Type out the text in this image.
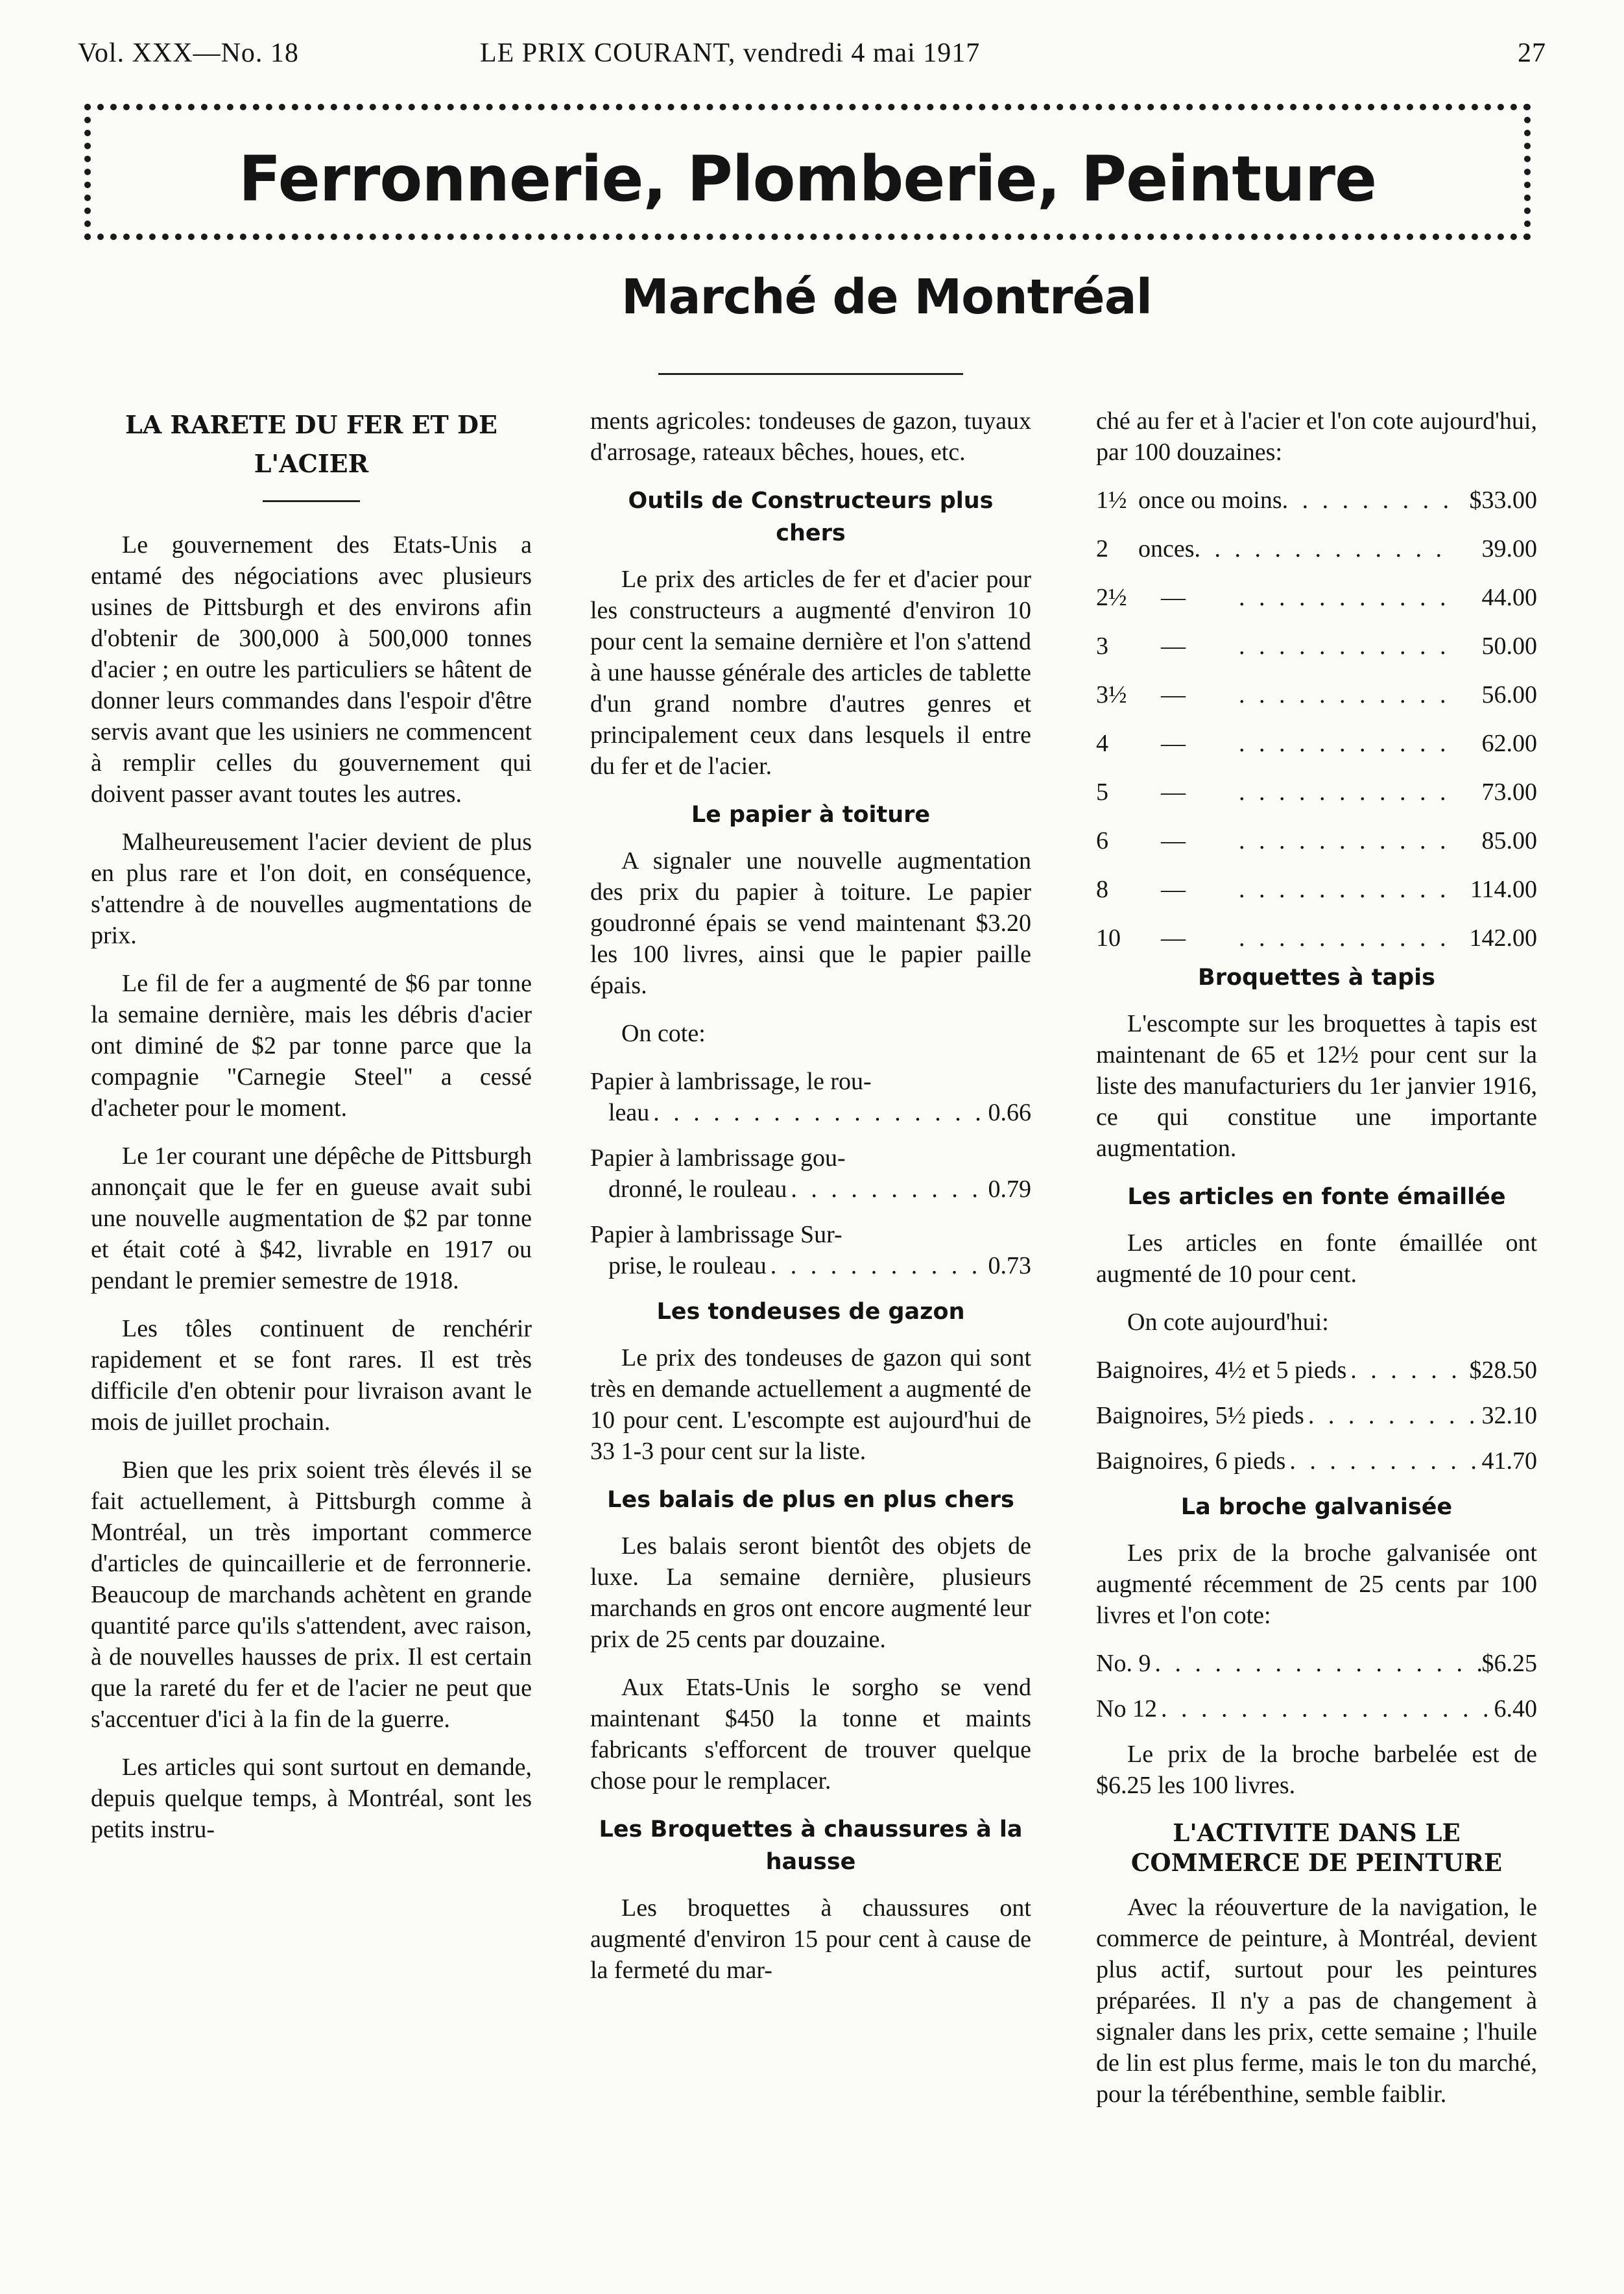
Vol. XXX—No. 18	LE PRIX COURANT, vendredi 4 mai 1917	27
Ferronnerie, Plomberie, Peinture
Marché de Montréal
LA RARETE DU FER ET DE L'ACIER

Le gouvernement des Etats-Unis a entamé des négociations avec plusieurs usines de Pittsburgh et des environs afin d'obtenir de 300,000 à 500,000 tonnes d'acier ; en outre les particuliers se hâtent de donner leurs commandes dans l'espoir d'être servis avant que les usiniers ne commencent à remplir celles du gouvernement qui doivent passer avant toutes les autres.

Malheureusement l'acier devient de plus en plus rare et l'on doit, en conséquence, s'attendre à de nouvelles augmentations de prix.

Le fil de fer a augmenté de $6 par tonne la semaine dernière, mais les débris d'acier ont diminé de $2 par tonne parce que la compagnie "Carnegie Steel" a cessé d'acheter pour le moment.

Le 1er courant une dépêche de Pittsburgh annonçait que le fer en gueuse avait subi une nouvelle augmentation de $2 par tonne et était coté à $42, livrable en 1917 ou pendant le premier semestre de 1918.

Les tôles continuent de renchérir rapidement et se font rares. Il est très difficile d'en obtenir pour livraison avant le mois de juillet prochain.

Bien que les prix soient très élevés il se fait actuellement, à Pittsburgh comme à Montréal, un très important commerce d'articles de quincaillerie et de ferronnerie. Beaucoup de marchands achètent en grande quantité parce qu'ils s'attendent, avec raison, à de nouvelles hausses de prix. Il est certain que la rareté du fer et de l'acier ne peut que s'accentuer d'ici à la fin de la guerre.

Les articles qui sont surtout en demande, depuis quelque temps, à Montréal, sont les petits instru-

ments agricoles: tondeuses de gazon, tuyaux d'arrosage, rateaux bêches, houes, etc.

Outils de Constructeurs plus chers

Le prix des articles de fer et d'acier pour les constructeurs a augmenté d'environ 10 pour cent la semaine dernière et l'on s'attend à une hausse générale des articles de tablette d'un grand nombre d'autres genres et principalement ceux dans lesquels il entre du fer et de l'acier.

Le papier à toiture

A signaler une nouvelle augmentation des prix du papier à toiture. Le papier goudronné épais se vend maintenant $3.20 les 100 livres, ainsi que le papier paille épais.

On cote:

Papier à lambrissage, le rou-
leau . . .	0.66
Papier à lambrissage gou-
dronné, le rouleau . . .	0.79
Papier à lambrissage Sur-
prise, le rouleau . . .	0.73
Les tondeuses de gazon

Le prix des tondeuses de gazon qui sont très en demande actuellement a augmenté de 10 pour cent. L'escompte est aujourd'hui de 33 1-3 pour cent sur la liste.

Les balais de plus en plus chers

Les balais seront bientôt des objets de luxe. La semaine dernière, plusieurs marchands en gros ont encore augmenté leur prix de 25 cents par douzaine.

Aux Etats-Unis le sorgho se vend maintenant $450 la tonne et maints fabricants s'efforcent de trouver quelque chose pour le remplacer.

Les Broquettes à chaussures à la hausse

Les broquettes à chaussures ont augmenté d'environ 15 pour cent à cause de la fermeté du mar-

ché au fer et à l'acier et l'on cote aujourd'hui, par 100 douzaines:

1½ once ou moins . . .	$33.00
2	onces . . .	39.00
2½	— . . .	44.00
3	— . . .	50.00
3½	— . . .	56.00
4	— . . .	62.00
5	— . . .	73.00
6	— . . .	85.00
8	— . . .	114.00
10	— . . .	142.00
Broquettes à tapis

L'escompte sur les broquettes à tapis est maintenant de 65 et 12½ pour cent sur la liste des manufacturiers du 1er janvier 1916, ce qui constitue une importante augmentation.

Les articles en fonte émaillée

Les articles en fonte émaillée ont augmenté de 10 pour cent.

On cote aujourd'hui:

Baignoires, 4½ et 5 pieds . . .	$28.50
Baignoires, 5½ pieds . . .	32.10
Baignoires, 6 pieds . . .	41.70
La broche galvanisée

Les prix de la broche galvanisée ont augmenté récemment de 25 cents par 100 livres et l'on cote:

No. 9 . . .	$6.25
No 12 . . .	6.40

Le prix de la broche barbelée est de $6.25 les 100 livres.

L'ACTIVITE DANS LE COMMERCE DE PEINTURE

Avec la réouverture de la navigation, le commerce de peinture, à Montréal, devient plus actif, surtout pour les peintures préparées. Il n'y a pas de changement à signaler dans les prix, cette semaine ; l'huile de lin est plus ferme, mais le ton du marché, pour la térébenthine, semble faiblir.
